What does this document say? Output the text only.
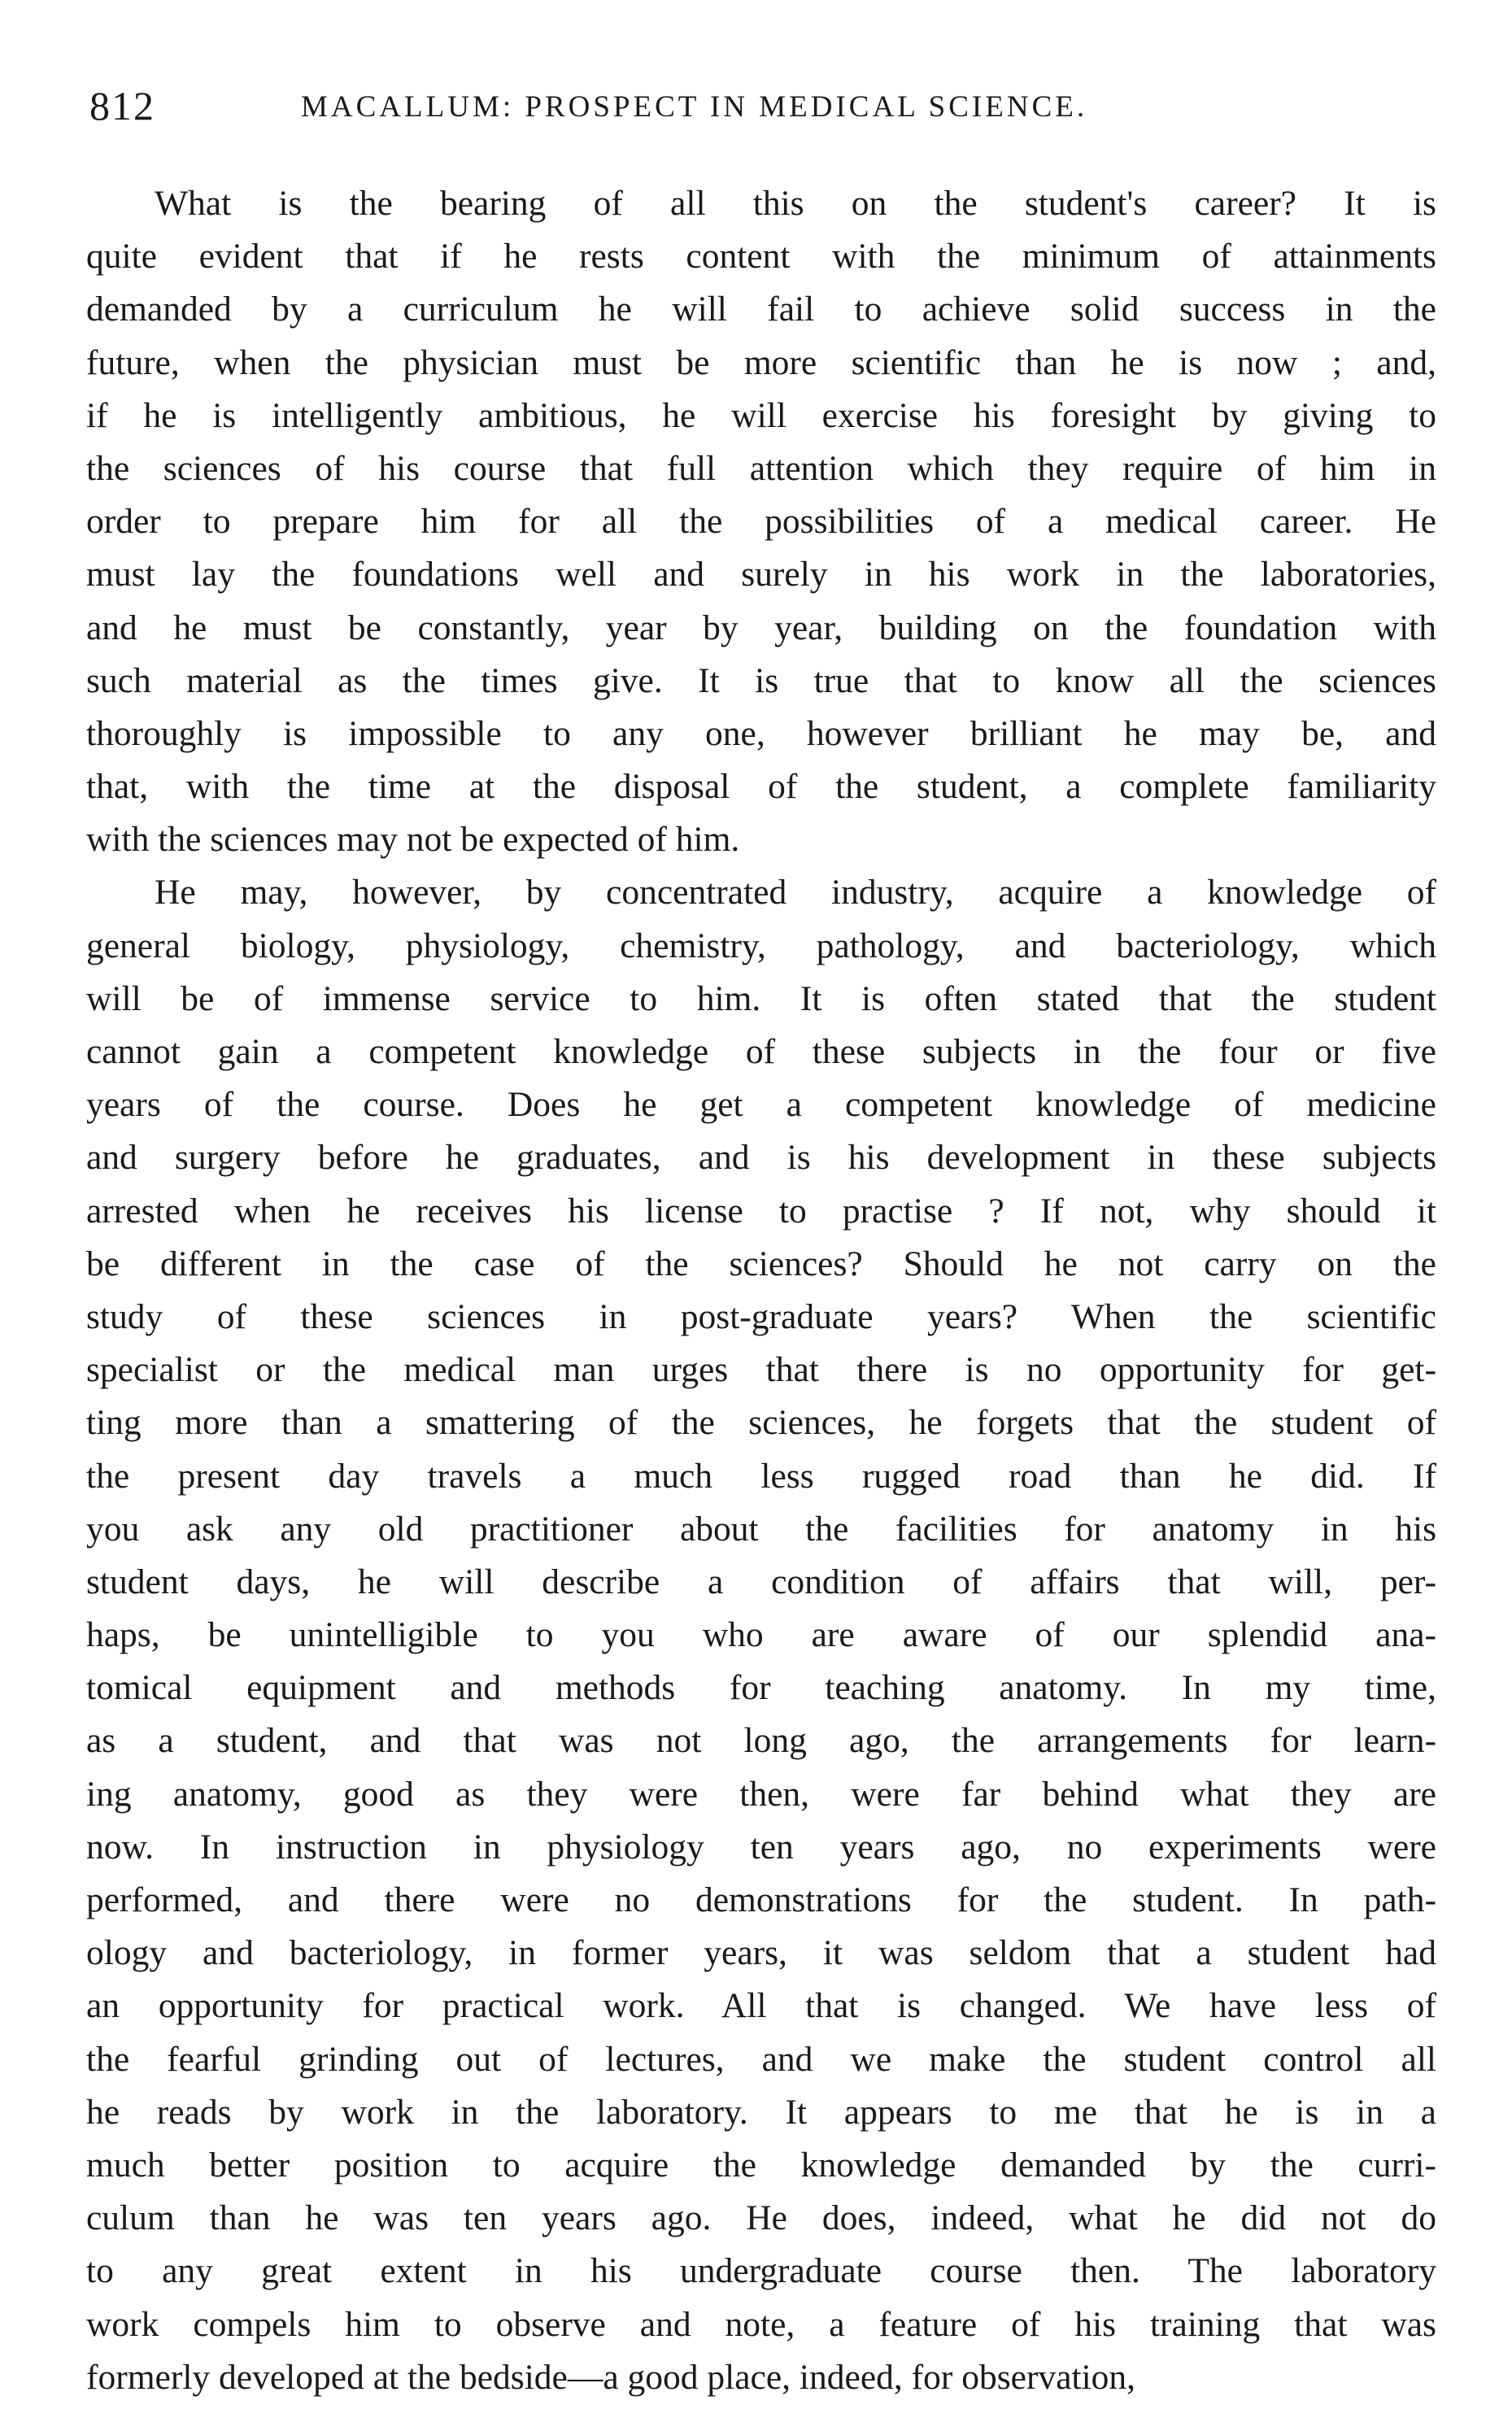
812	MACALLUM: PROSPECT IN MEDICAL SCIENCE.
What is the bearing of all this on the student's career? It is
quite evident that if he rests content with the minimum of attainments
demanded by a curriculum he will fail to achieve solid success in the
future, when the physician must be more scientific than he is now ; and,
if he is intelligently ambitious, he will exercise his foresight by giving to
the sciences of his course that full attention which they require of him in
order to prepare him for all the possibilities of a medical career. He
must lay the foundations well and surely in his work in the laboratories,
and he must be constantly, year by year, building on the foundation with
such material as the times give. It is true that to know all the sciences
thoroughly is impossible to any one, however brilliant he may be, and
that, with the time at the disposal of the student, a complete familiarity
with the sciences may not be expected of him.
He may, however, by concentrated industry, acquire a knowledge of
general biology, physiology, chemistry, pathology, and bacteriology, which
will be of immense service to him. It is often stated that the student
cannot gain a competent knowledge of these subjects in the four or five
years of the course. Does he get a competent knowledge of medicine
and surgery before he graduates, and is his development in these subjects
arrested when he receives his license to practise ? If not, why should it
be different in the case of the sciences? Should he not carry on the
study of these sciences in post-graduate years? When the scientific
specialist or the medical man urges that there is no opportunity for get-
ting more than a smattering of the sciences, he forgets that the student of
the present day travels a much less rugged road than he did. If
you ask any old practitioner about the facilities for anatomy in his
student days, he will describe a condition of affairs that will, per-
haps, be unintelligible to you who are aware of our splendid ana-
tomical equipment and methods for teaching anatomy. In my time,
as a student, and that was not long ago, the arrangements for learn-
ing anatomy, good as they were then, were far behind what they are
now. In instruction in physiology ten years ago, no experiments were
performed, and there were no demonstrations for the student. In path-
ology and bacteriology, in former years, it was seldom that a student had
an opportunity for practical work. All that is changed. We have less of
the fearful grinding out of lectures, and we make the student control all
he reads by work in the laboratory. It appears to me that he is in a
much better position to acquire the knowledge demanded by the curri-
culum than he was ten years ago. He does, indeed, what he did not do
to any great extent in his undergraduate course then. The laboratory
work compels him to observe and note, a feature of his training that was
formerly developed at the bedside—a good place, indeed, for observation,
